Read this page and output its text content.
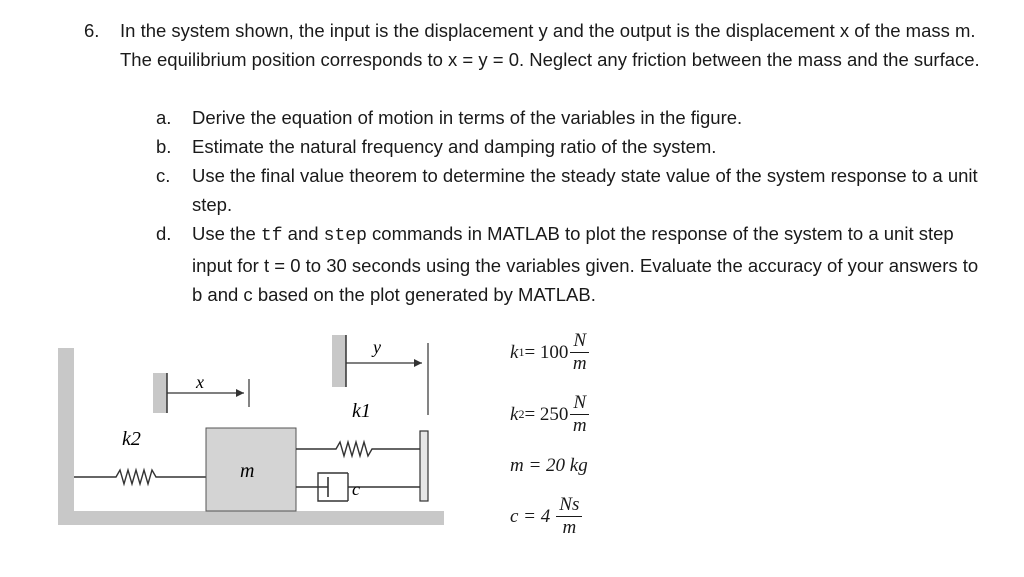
6. In the system shown, the input is the displacement y and the output is the displacement x of the mass m. The equilibrium position corresponds to x = y = 0. Neglect any friction between the mass and the surface.
a. Derive the equation of motion in terms of the variables in the figure.
b. Estimate the natural frequency and damping ratio of the system.
c. Use the final value theorem to determine the steady state value of the system response to a unit step.
d. Use the tf and step commands in MATLAB to plot the response of the system to a unit step input for t = 0 to 30 seconds using the variables given. Evaluate the accuracy of your answers to b and c based on the plot generated by MATLAB.
x
y
k2
m
k1
c
k $1 = 100 \frac{N}{m}$
k $2 = 250 \frac{N}{m}$
m = 20 kg
$c = 4 \frac{Ns}{m}$
